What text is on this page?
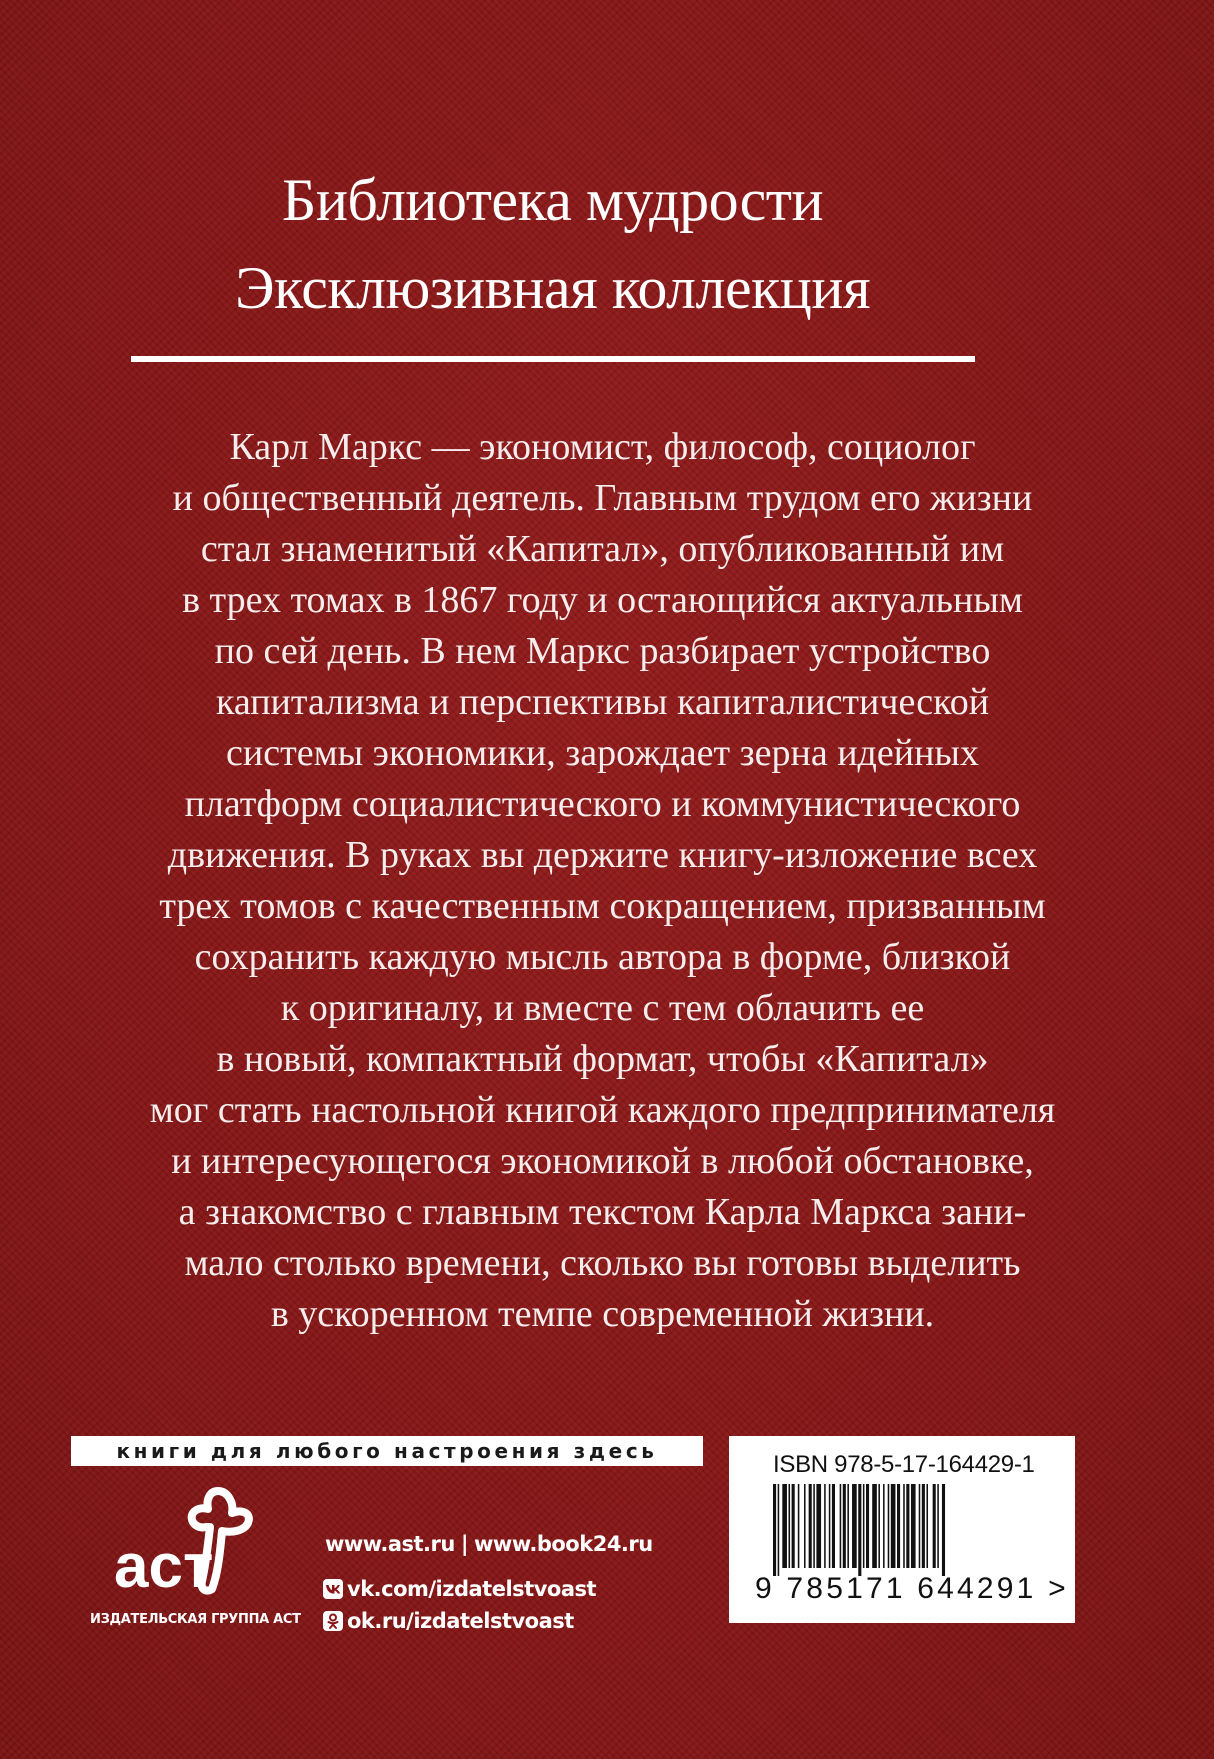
Библиотека мудрости
Эксклюзивная коллекция
Карл Маркс — экономист, философ, социолог
и общественный деятель. Главным трудом его жизни
стал знаменитый «Капитал», опубликованный им
в трех томах в 1867 году и остающийся актуальным
по сей день. В нем Маркс разбирает устройство
капитализма и перспективы капиталистической
системы экономики, зарождает зерна идейных
платформ социалистического и коммунистического
движения. В руках вы держите книгу-изложение всех
трех томов с качественным сокращением, призванным
сохранить каждую мысль автора в форме, близкой
к оригиналу, и вместе с тем облачить ее
в новый, компактный формат, чтобы «Капитал»
мог стать настольной книгой каждого предпринимателя
и интересующегося экономикой в любой обстановке,
а знакомство с главным текстом Карла Маркса зани-
мало столько времени, сколько вы готовы выделить
в ускоренном темпе современной жизни.
книги для любого настроения здесь
аст
ИЗДАТЕЛЬСКАЯ ГРУППА АСТ
www.ast.ru | www.book24.ru
vk.com/izdatelstvoast
ok.ru/izdatelstvoast
ISBN 978-5-17-164429-1
9 785171 644291 >
